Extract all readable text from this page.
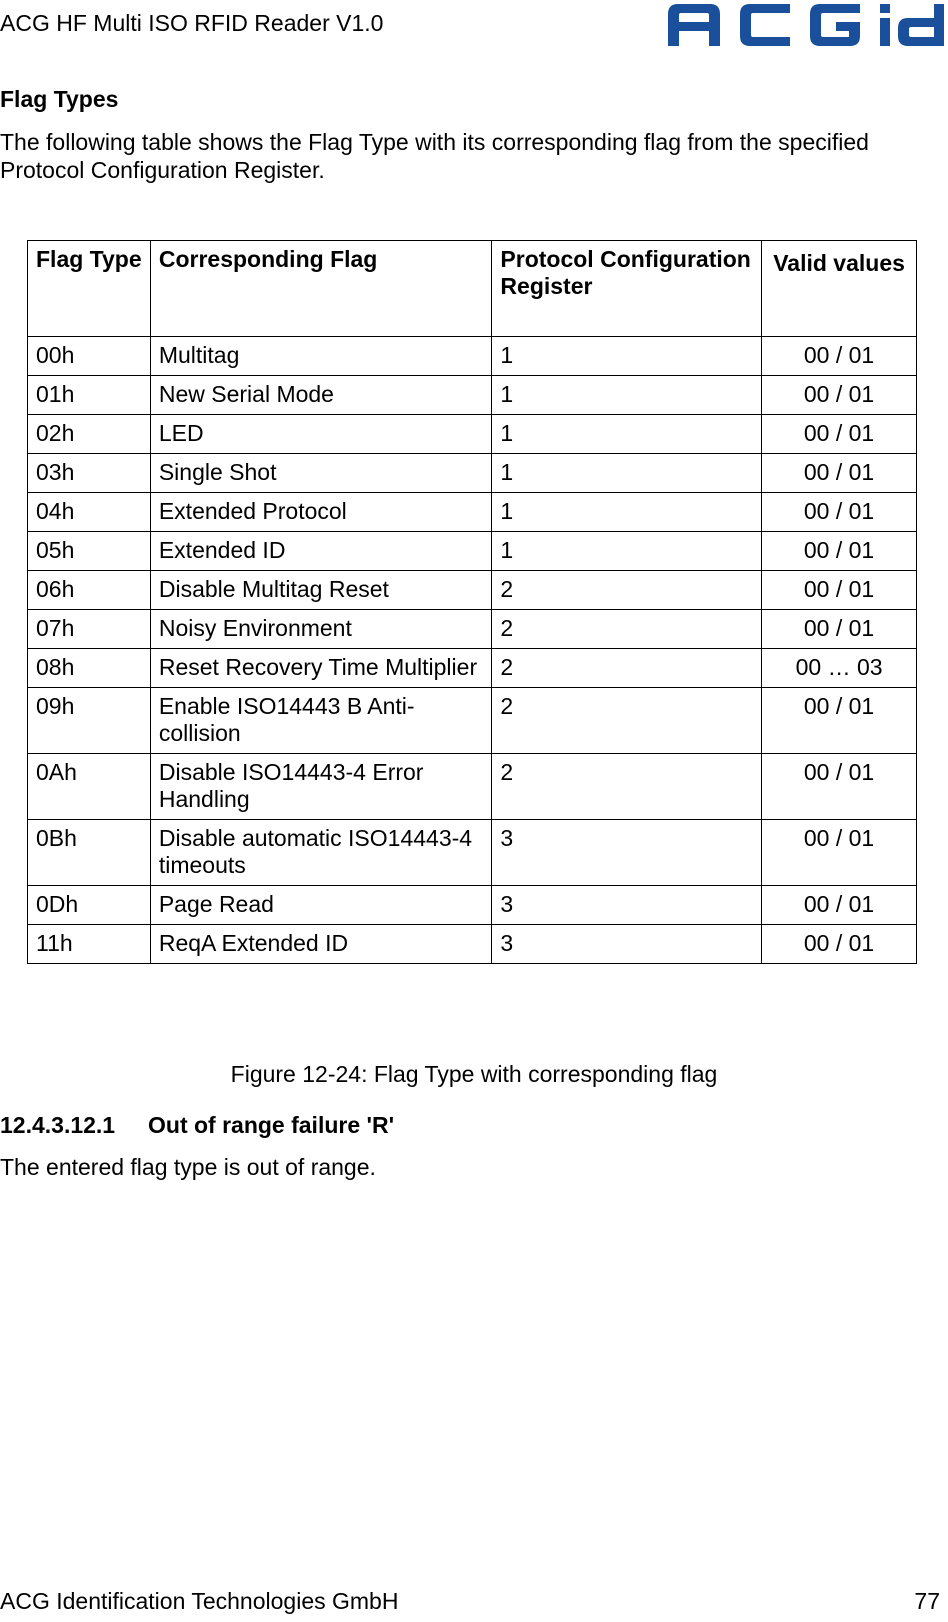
ACG HF Multi ISO RFID Reader V1.0
Flag Types
The following table shows the Flag Type with its corresponding flag from the specified Protocol Configuration Register.
Flag Type	Corresponding Flag	Protocol Configuration Register	Valid values
00h	Multitag	1	00 / 01
01h	New Serial Mode	1	00 / 01
02h	LED	1	00 / 01
03h	Single Shot	1	00 / 01
04h	Extended Protocol	1	00 / 01
05h	Extended ID	1	00 / 01
06h	Disable Multitag Reset	2	00 / 01
07h	Noisy Environment	2	00 / 01
08h	Reset Recovery Time Multiplier	2	00 … 03
09h	Enable ISO14443 B Anti-collision	2	00 / 01
0Ah	Disable ISO14443-4 Error Handling	2	00 / 01
0Bh	Disable automatic ISO14443-4 timeouts	3	00 / 01
0Dh	Page Read	3	00 / 01
11h	ReqA Extended ID	3	00 / 01
Figure 12-24: Flag Type with corresponding flag
12.4.3.12.1 Out of range failure 'R'
The entered flag type is out of range.
ACG Identification Technologies GmbH	77
